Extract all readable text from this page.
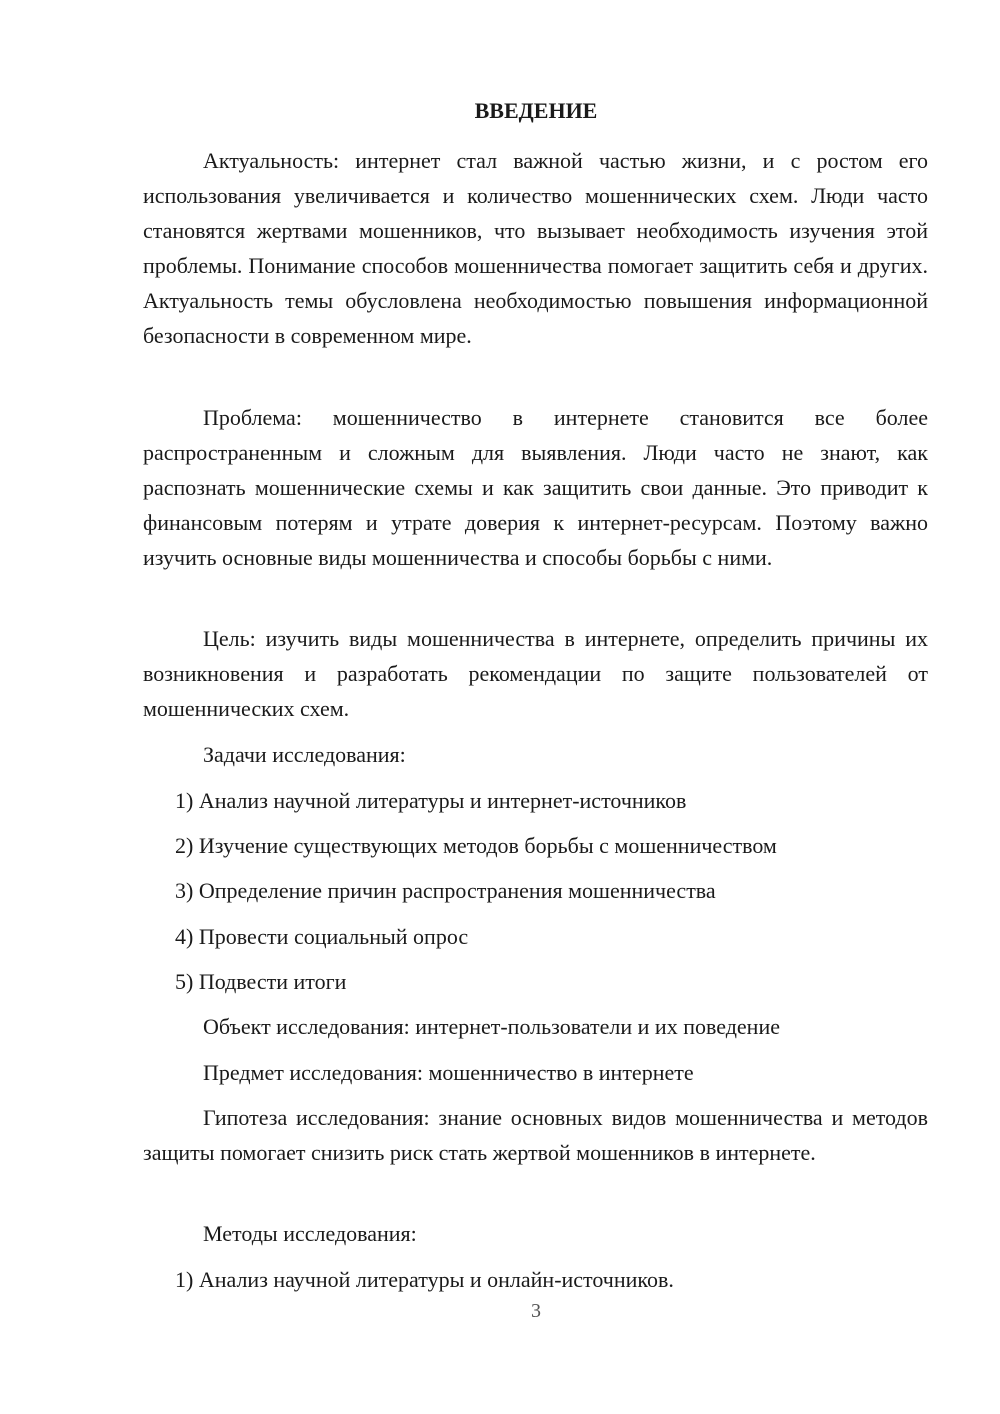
ВВЕДЕНИЕ

Актуальность: интернет стал важной частью жизни, и с ростом его использования увеличивается и количество мошеннических схем. Люди часто становятся жертвами мошенников, что вызывает необходимость изучения этой проблемы. Понимание способов мошенничества помогает защитить себя и других. Актуальность темы обусловлена необходимостью повышения информационной безопасности в современном мире.

Проблема: мошенничество в интернете становится все более распространенным и сложным для выявления. Люди часто не знают, как распознать мошеннические схемы и как защитить свои данные. Это приводит к финансовым потерям и утрате доверия к интернет-ресурсам. Поэтому важно изучить основные виды мошенничества и способы борьбы с ними.

Цель: изучить виды мошенничества в интернете, определить причины их возникновения и разработать рекомендации по защите пользователей от мошеннических схем.

Задачи исследования:

1) Анализ научной литературы и интернет-источников

2) Изучение существующих методов борьбы с мошенничеством

3) Определение причин распространения мошенничества

4) Провести социальный опрос

5) Подвести итоги

Объект исследования: интернет-пользователи и их поведение

Предмет исследования: мошенничество в интернете

Гипотеза исследования: знание основных видов мошенничества и методов защиты помогает снизить риск стать жертвой мошенников в интернете.

Методы исследования:

1) Анализ научной литературы и онлайн-источников.

3
